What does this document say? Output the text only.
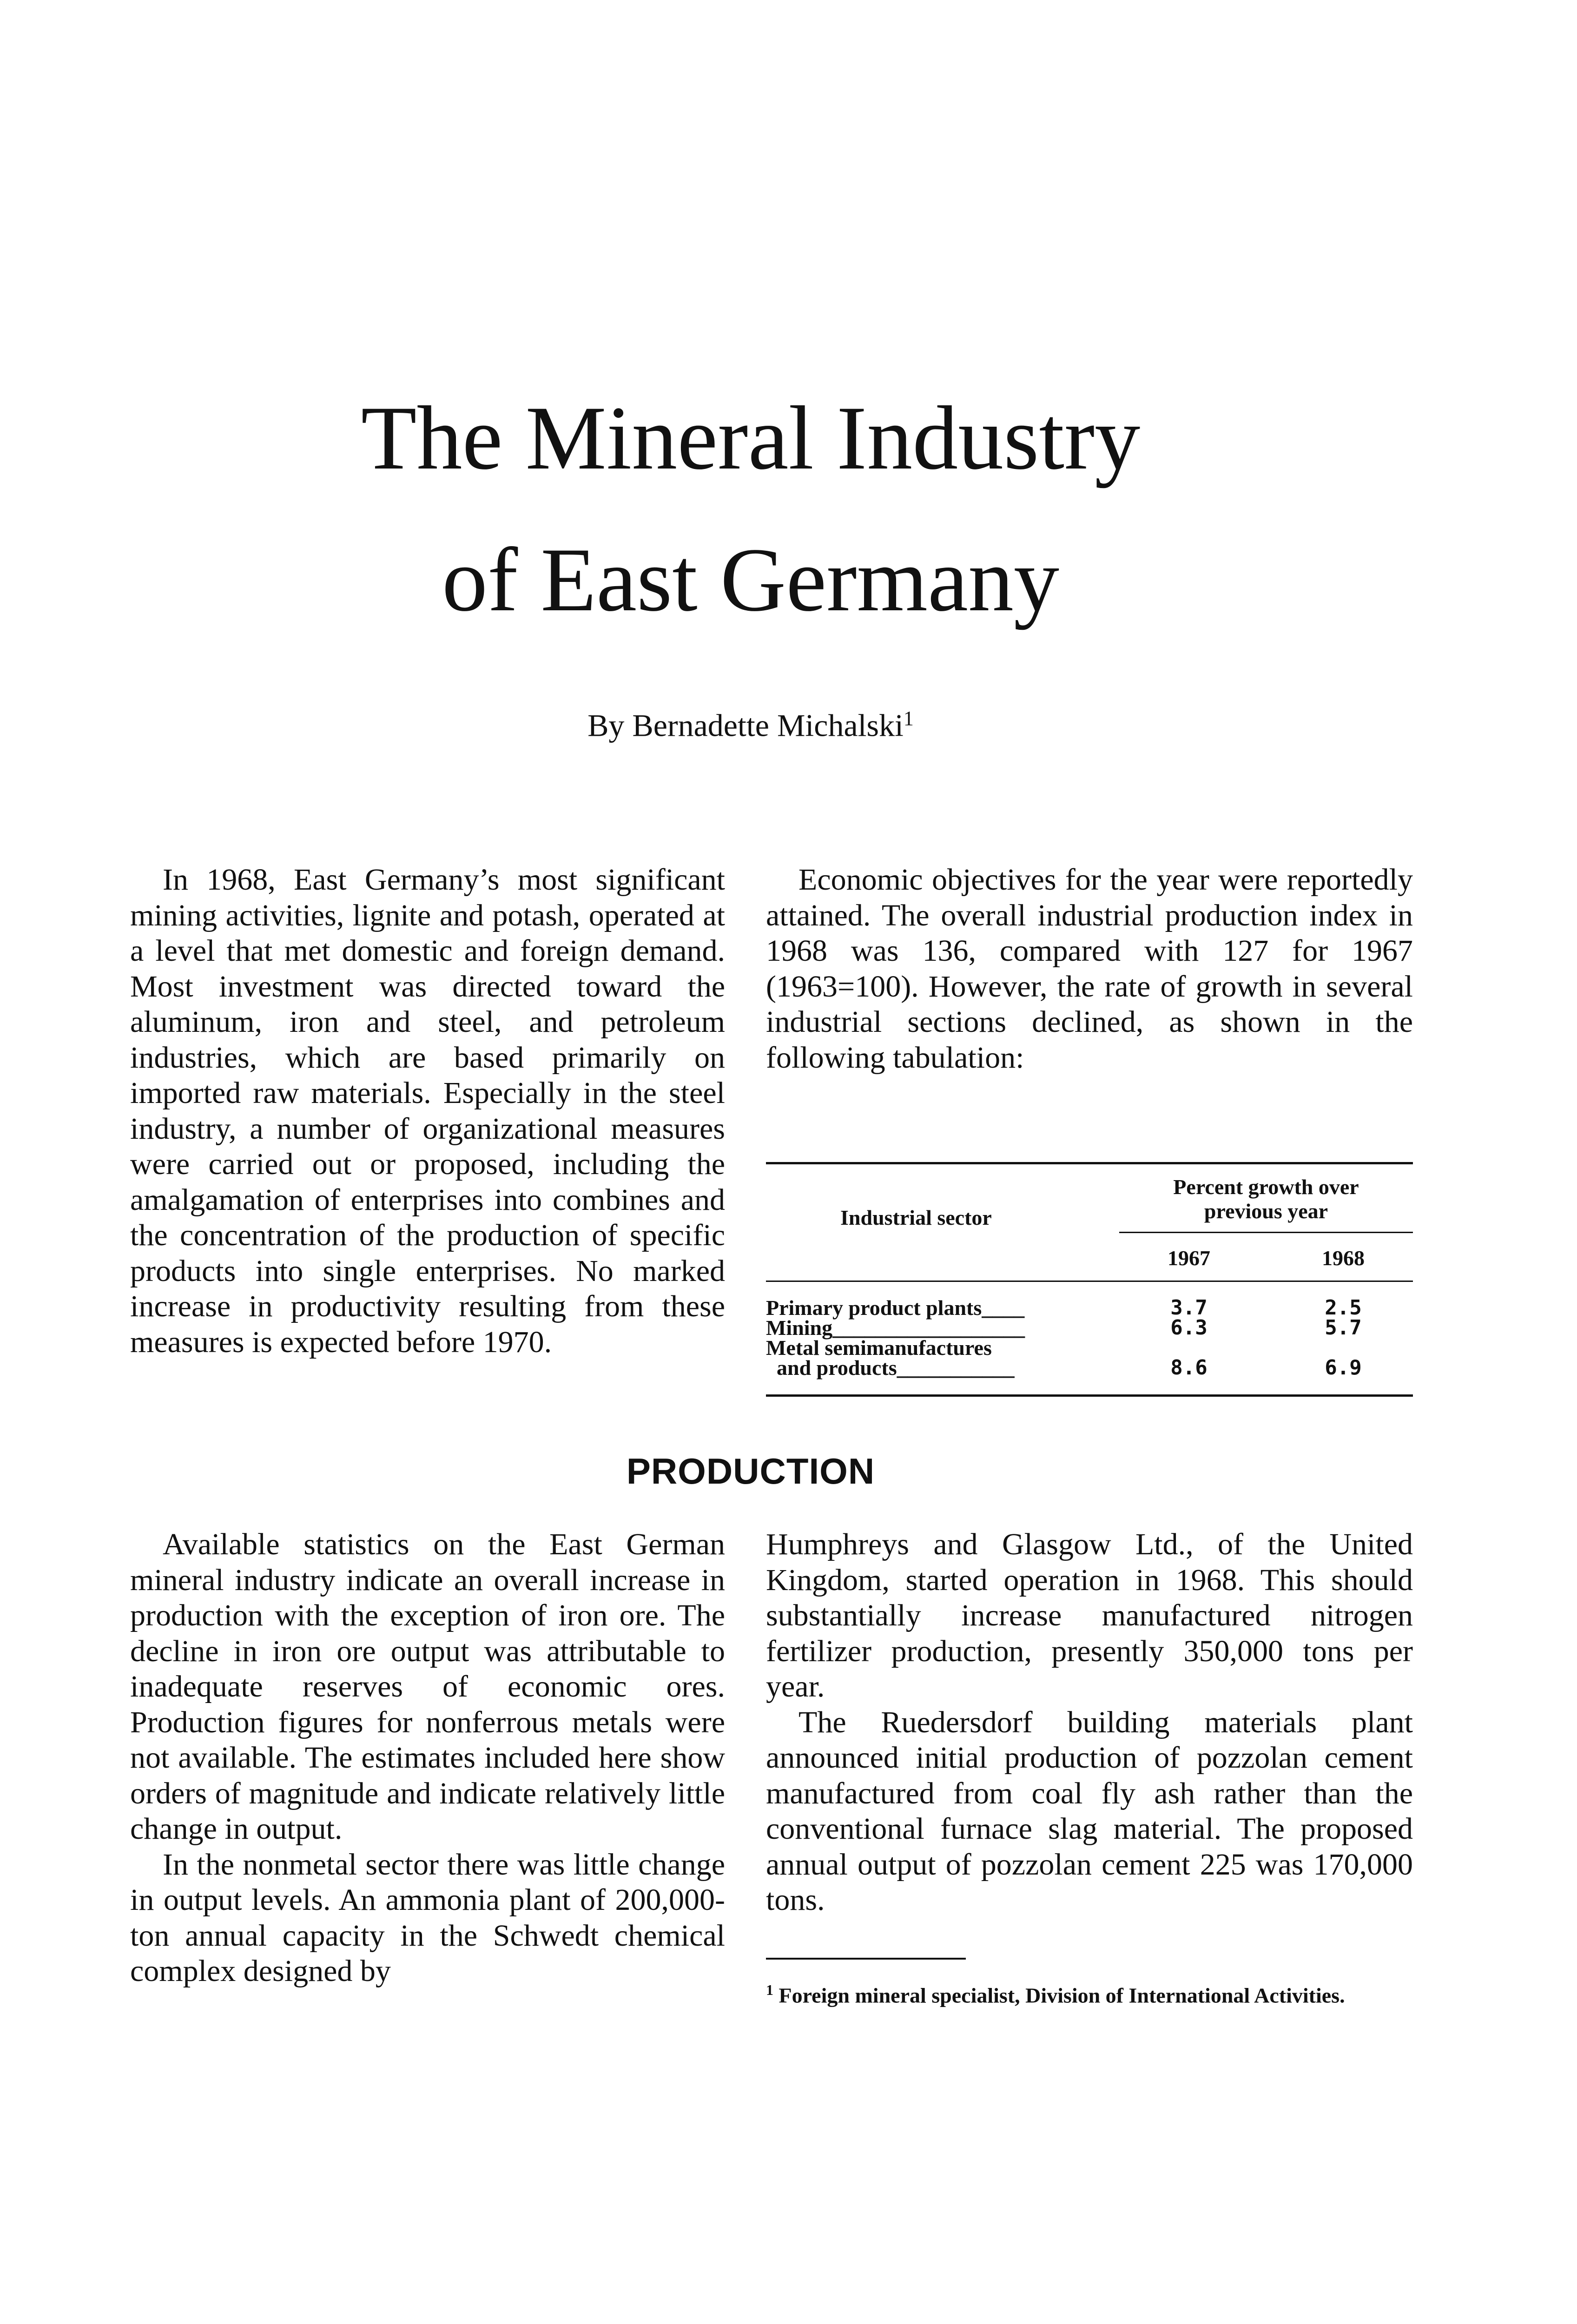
The Mineral Industry
of East Germany
By Bernadette Michalski$^1$

In 1968, East Germany’s most significant mining activities, lignite and potash, operated at a level that met domestic and foreign demand. Most investment was directed toward the aluminum, iron and steel, and petroleum industries, which are based primarily on imported raw materials. Especially in the steel industry, a number of organizational measures were carried out or proposed, including the amalgamation of enterprises into combines and the concentration of the production of specific products into single enterprises. No marked increase in productivity resulting from these measures is expected before 1970.

Economic objectives for the year were reportedly attained. The overall industrial production index in 1968 was 136, compared with 127 for 1967 (1963=100). However, the rate of growth in several industrial sections declined, as shown in the following tabulation:

Industrial sector
Percent growth over
previous year
1967	1968
Primary product plants____	3.7	2.5
Mining__________________	6.3	5.7
Metal semimanufactures
and products___________	8.6	6.9
PRODUCTION

Available statistics on the East German mineral industry indicate an overall increase in production with the exception of iron ore. The decline in iron ore output was attributable to inadequate reserves of economic ores. Production figures for nonferrous metals were not available. The estimates included here show orders of magnitude and indicate relatively little change in output.

In the nonmetal sector there was little change in output levels. An ammonia plant of 200,000-ton annual capacity in the Schwedt chemical complex designed by

Humphreys and Glasgow Ltd., of the United Kingdom, started operation in 1968. This should substantially increase manufactured nitrogen fertilizer production, presently 350,000 tons per year.

The Ruedersdorf building materials plant announced initial production of pozzolan cement manufactured from coal fly ash rather than the conventional furnace slag material. The proposed annual output of pozzolan cement 225 was 170,000 tons.

$^1$ Foreign mineral specialist, Division of International Activities.
